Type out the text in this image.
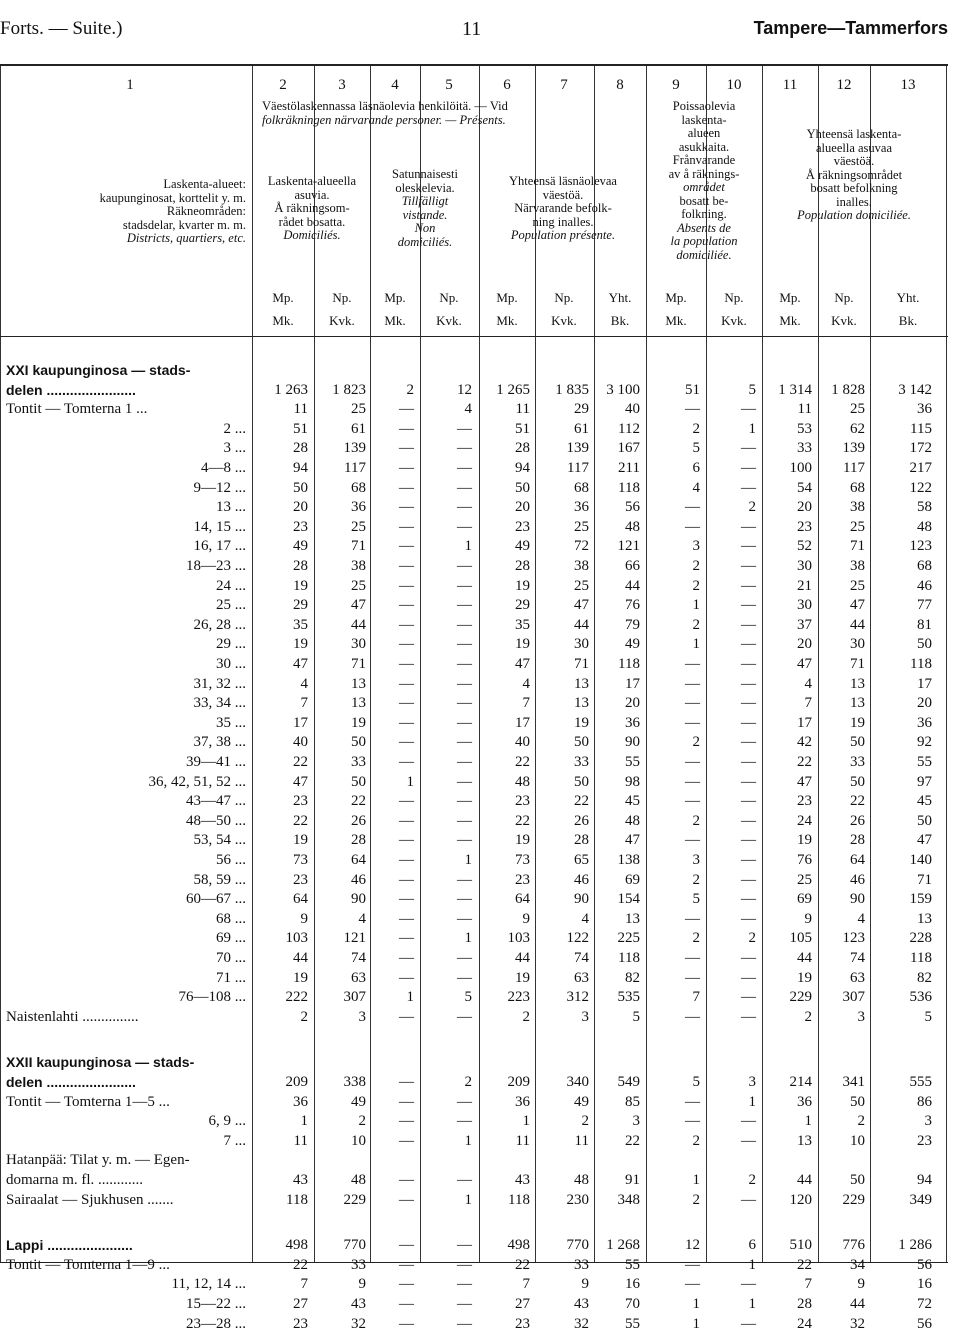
Forts. — Suite.)	11	Tampere—Tammerfors
1	2	3	4	5	6	7	8	9	10	11	12	13
Laskenta-alueet:
kaupunginosat, korttelit y. m.
Räkneområden:
stadsdelar, kvarter m. m.
Districts, quartiers, etc.
Väestölaskennassa läsnäolevia henkilöitä. — Vid
folkräkningen närvarande personer. — Présents.
Laskenta-alueella
asuvia.
Å räkningsom-
rådet bosatta.
Domiciliés.
Satunnaisesti
oleskelevia.
Tillfälligt
vistande.
Non
domiciliés.
Yhteensä läsnäolevaa
väestöä.
Närvarande befolk-
ning inalles.
Population présente.
Poissaolevia
laskenta-
alueen
asukkaita.
Frånvarande
av å räknings-
området
bosatt be-
folkning.
Absents de
la population
domiciliée.
Yhteensä laskenta-
alueella asuvaa
väestöä.
Å räkningsområdet
bosatt befolkning
inalles.
Population domiciliée.
Mp.	Np.	Mp.	Np.	Mp.	Np.	Yht.	Mp.	Np.	Mp.	Np.	Yht.
Mk.	Kvk.	Mk.	Kvk.	Mk.	Kvk.	Bk.	Mk.	Kvk.	Mk.	Kvk.	Bk.
XXI kaupunginosa — stads-
delen .......................	1 263	1 823	2	12	1 265	1 835	3 100	51	5	1 314	1 828	3 142
Tontit — Tomterna 1 ...	11	25	—	4	11	29	40	—	—	11	25	36
2 ...	51	61	—	—	51	61	112	2	1	53	62	115
3 ...	28	139	—	—	28	139	167	5	—	33	139	172
4—8 ...	94	117	—	—	94	117	211	6	—	100	117	217
9—12 ...	50	68	—	—	50	68	118	4	—	54	68	122
13 ...	20	36	—	—	20	36	56	—	2	20	38	58
14, 15 ...	23	25	—	—	23	25	48	—	—	23	25	48
16, 17 ...	49	71	—	1	49	72	121	3	—	52	71	123
18—23 ...	28	38	—	—	28	38	66	2	—	30	38	68
24 ...	19	25	—	—	19	25	44	2	—	21	25	46
25 ...	29	47	—	—	29	47	76	1	—	30	47	77
26, 28 ...	35	44	—	—	35	44	79	2	—	37	44	81
29 ...	19	30	—	—	19	30	49	1	—	20	30	50
30 ...	47	71	—	—	47	71	118	—	—	47	71	118
31, 32 ...	4	13	—	—	4	13	17	—	—	4	13	17
33, 34 ...	7	13	—	—	7	13	20	—	—	7	13	20
35 ...	17	19	—	—	17	19	36	—	—	17	19	36
37, 38 ...	40	50	—	—	40	50	90	2	—	42	50	92
39—41 ...	22	33	—	—	22	33	55	—	—	22	33	55
36, 42, 51, 52 ...	47	50	1	—	48	50	98	—	—	47	50	97
43—47 ...	23	22	—	—	23	22	45	—	—	23	22	45
48—50 ...	22	26	—	—	22	26	48	2	—	24	26	50
53, 54 ...	19	28	—	—	19	28	47	—	—	19	28	47
56 ...	73	64	—	1	73	65	138	3	—	76	64	140
58, 59 ...	23	46	—	—	23	46	69	2	—	25	46	71
60—67 ...	64	90	—	—	64	90	154	5	—	69	90	159
68 ...	9	4	—	—	9	4	13	—	—	9	4	13
69 ...	103	121	—	1	103	122	225	2	2	105	123	228
70 ...	44	74	—	—	44	74	118	—	—	44	74	118
71 ...	19	63	—	—	19	63	82	—	—	19	63	82
76—108 ...	222	307	1	5	223	312	535	7	—	229	307	536
Naistenlahti ...............	2	3	—	—	2	3	5	—	—	2	3	5
XXII kaupunginosa — stads-
delen .......................	209	338	—	2	209	340	549	5	3	214	341	555
Tontit — Tomterna 1—5 ...	36	49	—	—	36	49	85	—	1	36	50	86
6, 9 ...	1	2	—	—	1	2	3	—	—	1	2	3
7 ...	11	10	—	1	11	11	22	2	—	13	10	23
Hatanpää: Tilat y. m. — Egen-
domarna m. fl. ............	43	48	—	—	43	48	91	1	2	44	50	94
Sairaalat — Sjukhusen .......	118	229	—	1	118	230	348	2	—	120	229	349
Lappi ......................	498	770	—	—	498	770	1 268	12	6	510	776	1 286
Tontit — Tomterna 1—9 ...	22	33	—	—	22	33	55	—	1	22	34	56
11, 12, 14 ...	7	9	—	—	7	9	16	—	—	7	9	16
15—22 ...	27	43	—	—	27	43	70	1	1	28	44	72
23—28 ...	23	32	—	—	23	32	55	1	—	24	32	56
